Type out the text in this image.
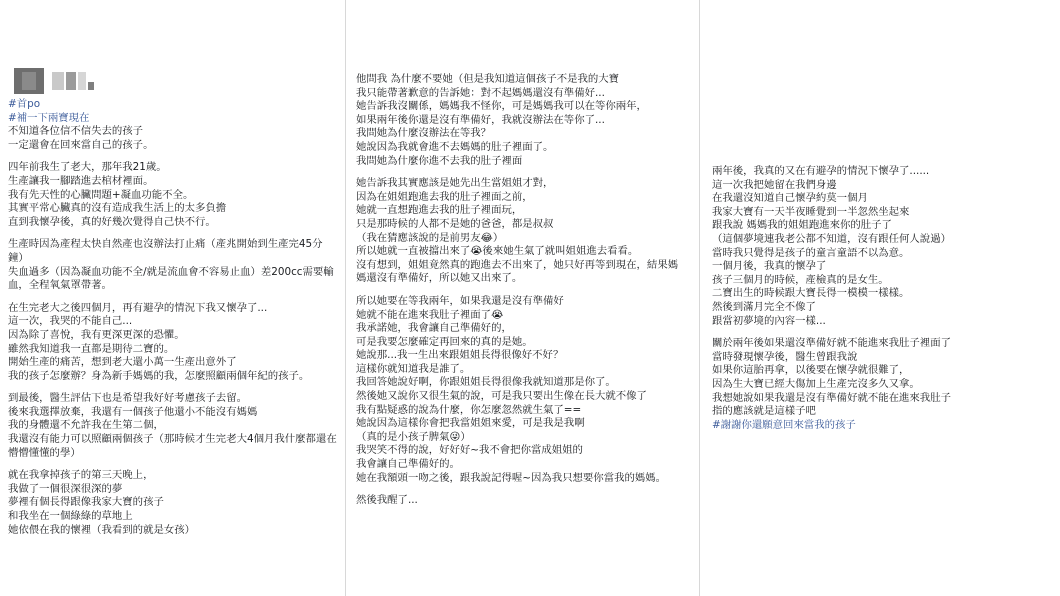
#首po

#補一下兩寶現在

不知道各位信不信失去的孩子

一定還會在回來當自己的孩子。

四年前我生了老大，那年我21歲。

生產讓我一腳踏進去棺材裡面。

我有先天性的心臟問題+凝血功能不全。

其實平常心臟真的沒有造成我生活上的太多負擔

直到我懷孕後，真的好幾次覺得自己快不行。

生產時因為產程太快自然產也沒辦法打止痛（產兆開始到生產完45分

鐘）

失血過多（因為凝血功能不全/就是流血會不容易止血）差200cc需要輸

血，全程氧氣罩帶著。

在生完老大之後四個月，再有避孕的情況下我又懷孕了...

這一次，我哭的不能自己...

因為除了喜悅，我有更深更深的恐懼。

雖然我知道我一直都是期待二寶的。

開始生產的痛苦，想到老大還小萬一生產出意外了

我的孩子怎麼辦？身為新手媽媽的我，怎麼照顧兩個年紀的孩子。

到最後，醫生評估下也是希望我好好考慮孩子去留。

後來我選擇放棄，我還有一個孩子他還小不能沒有媽媽

我的身體還不允許我在生第二個，

我還沒有能力可以照顧兩個孩子（那時候才生完老大4個月我什麼都還在

懵懵懂懂的學）

就在我拿掉孩子的第三天晚上，

我做了一個很深很深的夢

夢裡有個長得跟像我家大寶的孩子

和我坐在一個綠綠的草地上

她依偎在我的懷裡（我看到的就是女孩）

他問我 為什麼不要她（但是我知道這個孩子不是我的大寶

我只能帶著歉意的告訴她：對不起媽媽還沒有準備好...

她告訴我沒關係，媽媽我不怪你，可是媽媽我可以在等你兩年，

如果兩年後你還是沒有準備好，我就沒辦法在等你了...

我問她為什麼沒辦法在等我？

她說因為我就會進不去媽媽的肚子裡面了。

我問她為什麼你進不去我的肚子裡面

她告訴我其實應該是她先出生當姐姐才對，

因為在姐姐跑進去我的肚子裡面之前，

她就一直想跑進去我的肚子裡面玩，

只是那時候的人都不是她的爸爸，都是叔叔

（我在猜應該說的是前男友😂）

所以她就一直被擋出來了😭後來她生氣了就叫姐姐進去看看。

沒有想到，姐姐竟然真的跑進去不出來了，她只好再等到現在，結果媽

媽還沒有準備好，所以她又出來了。

所以她要在等我兩年，如果我還是沒有準備好

她就不能在進來我肚子裡面了😭

我承諾她，我會讓自己準備好的，

可是我要怎麼確定再回來的真的是她。

她說那...我一生出來跟姐姐長得很像好不好？

這樣你就知道我是誰了。

我回答她說好啊，你跟姐姐長得很像我就知道那是你了。

然後她又說你又很生氣的說，可是我只要出生像在長大就不像了

我有點疑惑的說為什麼，你怎麼忽然就生氣了==

她說因為這樣你會把我當姐姐來愛，可是我是我啊

（真的是小孩子脾氣😜）

我哭笑不得的說，好好好~我不會把你當成姐姐的

我會讓自己準備好的。

她在我額頭一吻之後，跟我說記得喔~因為我只想要你當我的媽媽。

然後我醒了...

兩年後，我真的又在有避孕的情況下懷孕了......

這一次我把她留在我們身邊

在我還沒知道自己懷孕約莫一個月

我家大寶有一天半夜睡覺到一半忽然坐起來

跟我說 媽媽我的姐姐跑進來你的肚子了

（這個夢境連我老公都不知道，沒有跟任何人說過）

當時我只覺得是孩子的童言童語不以為意。

一個月後，我真的懷孕了

孩子三個月的時候，產檢真的是女生。

二寶出生的時候跟大寶長得一模模一樣樣。

然後到滿月完全不像了

跟當初夢境的內容一樣...

關於兩年後如果還沒準備好就不能進來我肚子裡面了

當時發現懷孕後，醫生曾跟我說

如果你這胎再拿，以後要在懷孕就很難了，

因為生大寶已經大傷加上生產完沒多久又拿。

我想她說如果我還是沒有準備好就不能在進來我肚子

指的應該就是這樣子吧

#謝謝你還願意回來當我的孩子
